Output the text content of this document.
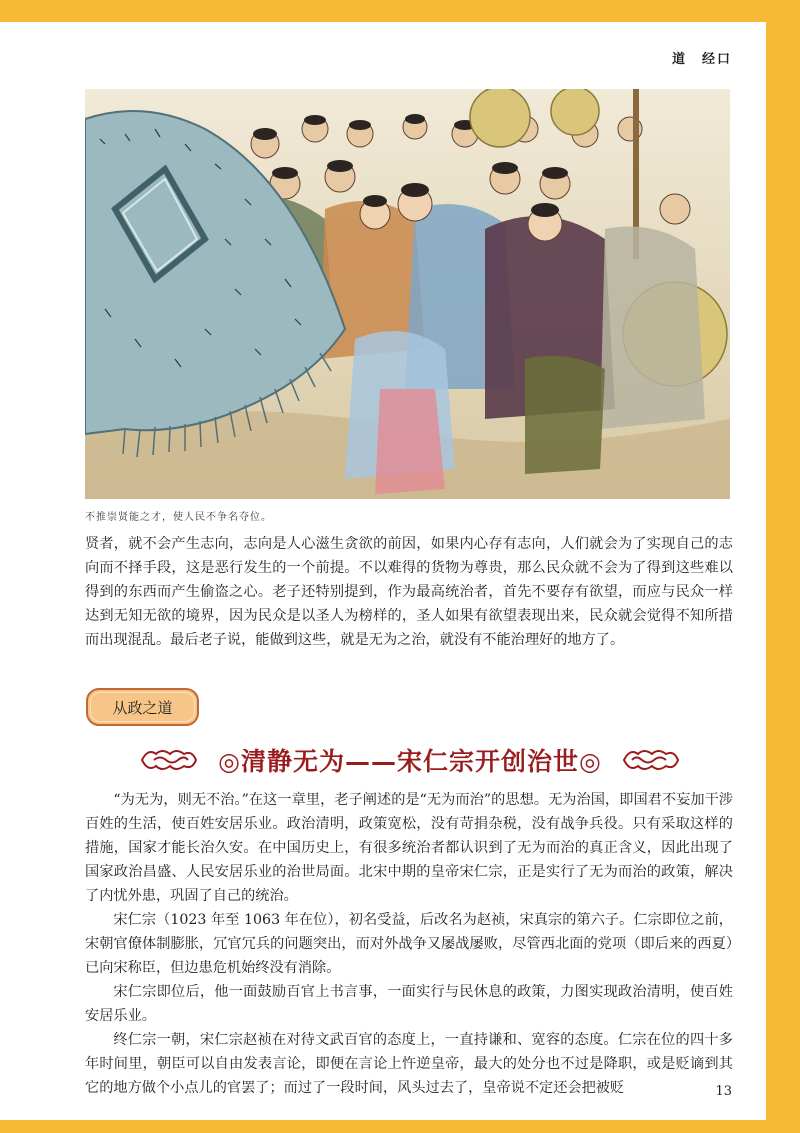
道　经口

不推崇贤能之才，使人民不争名夺位。

贤者，就不会产生志向，志向是人心滋生贪欲的前因，如果内心存有志向，人们就会为了实现自己的志向而不择手段，这是恶行发生的一个前提。不以难得的货物为尊贵，那么民众就不会为了得到这些难以得到的东西而产生偷盗之心。老子还特别提到，作为最高统治者，首先不要存有欲望，而应与民众一样达到无知无欲的境界，因为民众是以圣人为榜样的，圣人如果有欲望表现出来，民众就会觉得不知所措而出现混乱。最后老子说，能做到这些，就是无为之治，就没有不能治理好的地方了。

从政之道
◎清静无为——宋仁宗开创治世◎

“为无为，则无不治。”在这一章里，老子阐述的是“无为而治”的思想。无为治国，即国君不妄加干涉百姓的生活，使百姓安居乐业。政治清明，政策宽松，没有苛捐杂税，没有战争兵役。只有采取这样的措施，国家才能长治久安。在中国历史上，有很多统治者都认识到了无为而治的真正含义，因此出现了国家政治昌盛、人民安居乐业的治世局面。北宋中期的皇帝宋仁宗，正是实行了无为而治的政策，解决了内忧外患，巩固了自己的统治。

宋仁宗（1023 年至 1063 年在位），初名受益，后改名为赵祯，宋真宗的第六子。仁宗即位之前，宋朝官僚体制膨胀，冗官冗兵的问题突出，而对外战争又屡战屡败，尽管西北面的党项（即后来的西夏）已向宋称臣，但边患危机始终没有消除。

宋仁宗即位后，他一面鼓励百官上书言事，一面实行与民休息的政策，力图实现政治清明，使百姓安居乐业。

终仁宗一朝，宋仁宗赵祯在对待文武百官的态度上，一直持谦和、宽容的态度。仁宗在位的四十多年时间里，朝臣可以自由发表言论，即便在言论上忤逆皇帝，最大的处分也不过是降职，或是贬谪到其它的地方做个小点儿的官罢了；而过了一段时间，风头过去了，皇帝说不定还会把被贬	13
